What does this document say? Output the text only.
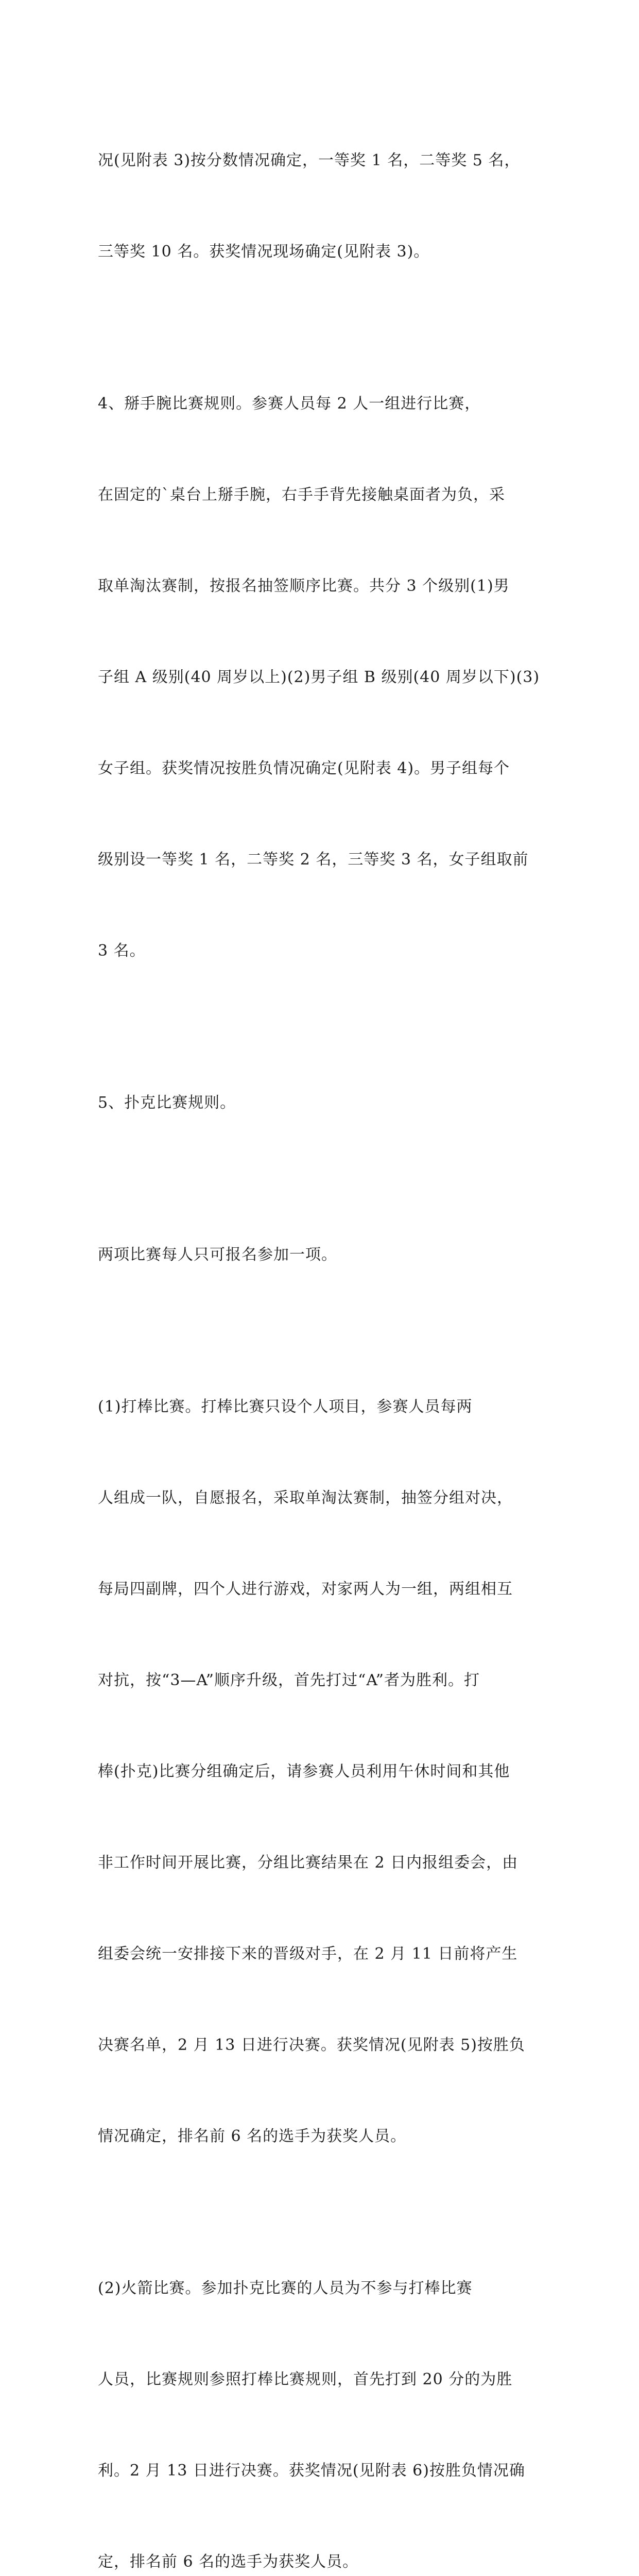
况(见附表 3)按分数情况确定，一等奖 1 名，二等奖 5 名，

三等奖 10 名。获奖情况现场确定(见附表 3)。

4、掰手腕比赛规则。参赛人员每 2 人一组进行比赛，

在固定的`桌台上掰手腕，右手手背先接触桌面者为负，采

取单淘汰赛制，按报名抽签顺序比赛。共分 3 个级别(1)男

子组 A 级别(40 周岁以上)(2)男子组 B 级别(40 周岁以下)(3)

女子组。获奖情况按胜负情况确定(见附表 4)。男子组每个

级别设一等奖 1 名，二等奖 2 名，三等奖 3 名，女子组取前

3 名。

5、扑克比赛规则。

两项比赛每人只可报名参加一项。

(1)打棒比赛。打棒比赛只设个人项目，参赛人员每两

人组成一队，自愿报名，采取单淘汰赛制，抽签分组对决，

每局四副牌，四个人进行游戏，对家两人为一组，两组相互

对抗，按“3—A”顺序升级，首先打过“A”者为胜利。打

棒(扑克)比赛分组确定后，请参赛人员利用午休时间和其他

非工作时间开展比赛，分组比赛结果在 2 日内报组委会，由

组委会统一安排接下来的晋级对手，在 2 月 11 日前将产生

决赛名单，2 月 13 日进行决赛。获奖情况(见附表 5)按胜负

情况确定，排名前 6 名的选手为获奖人员。

(2)火箭比赛。参加扑克比赛的人员为不参与打棒比赛

人员，比赛规则参照打棒比赛规则，首先打到 20 分的为胜

利。2 月 13 日进行决赛。获奖情况(见附表 6)按胜负情况确

定，排名前 6 名的选手为获奖人员。
